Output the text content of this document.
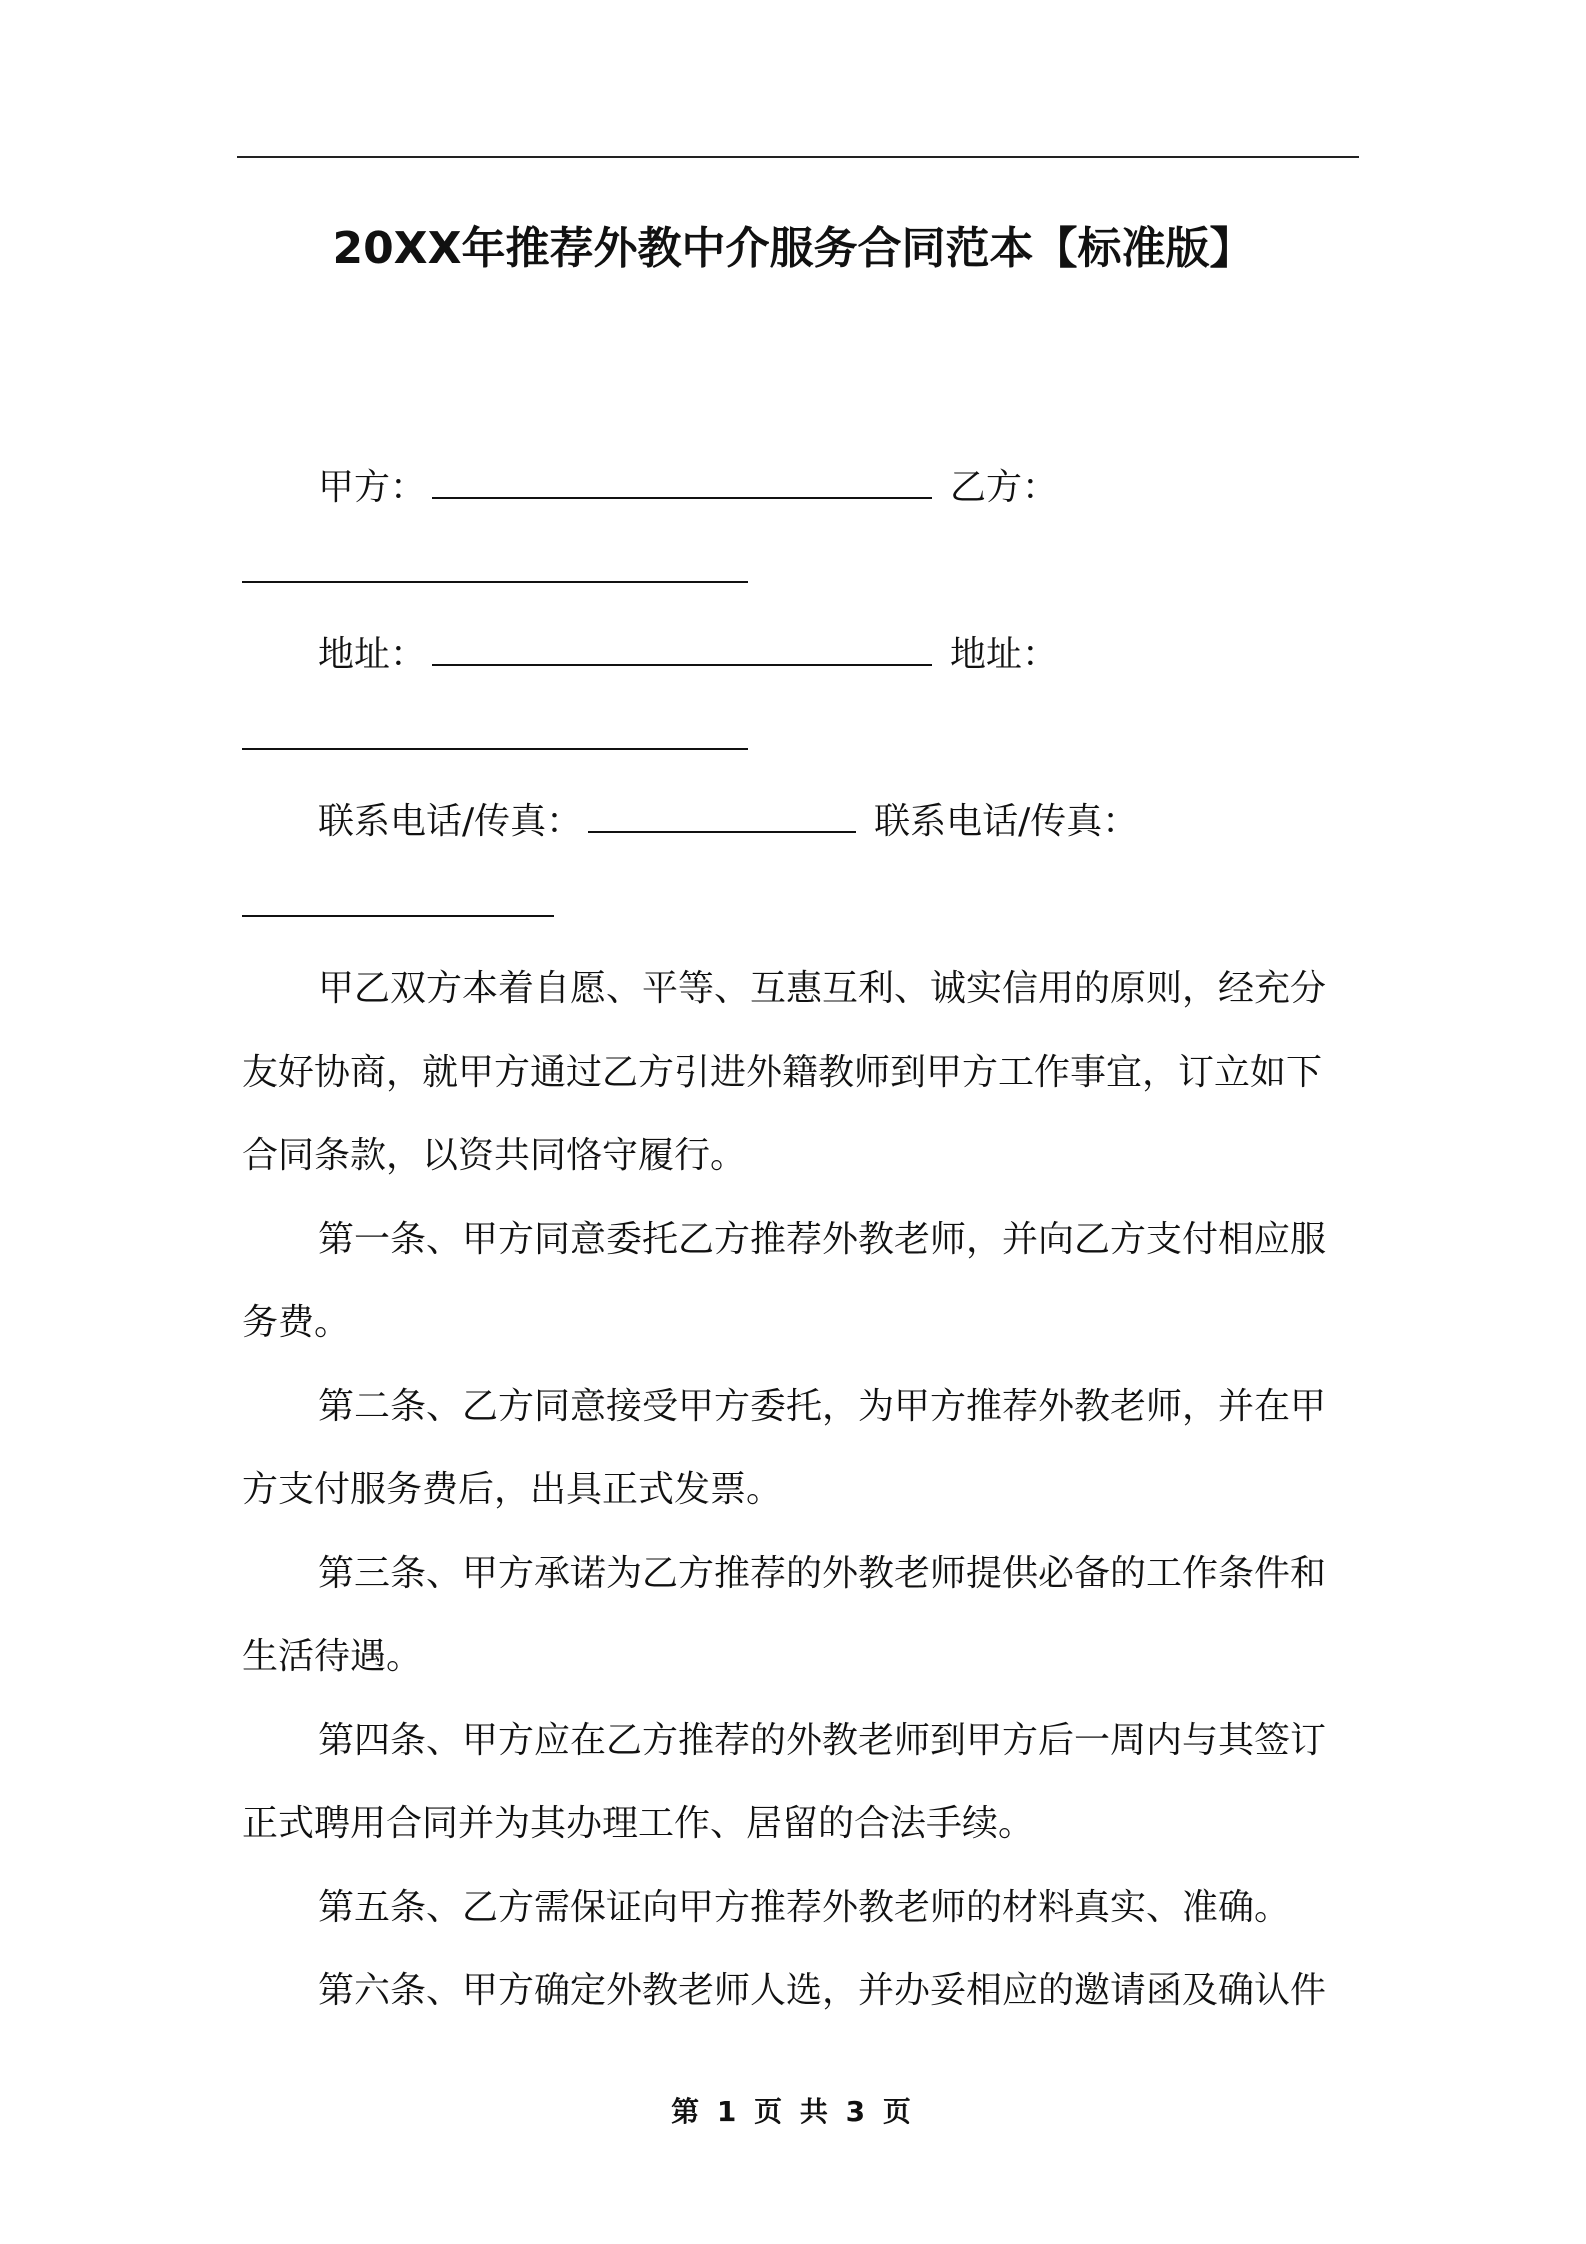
20XX年推荐外教中介服务合同范本【标准版】
甲方：	乙方：
地址：	地址：
联系电话/传真：	联系电话/传真：
甲乙双方本着自愿、平等、互惠互利、诚实信用的原则，经充分
友好协商，就甲方通过乙方引进外籍教师到甲方工作事宜，订立如下
合同条款，以资共同恪守履行。
第一条、甲方同意委托乙方推荐外教老师，并向乙方支付相应服
务费。
第二条、乙方同意接受甲方委托，为甲方推荐外教老师，并在甲
方支付服务费后，出具正式发票。
第三条、甲方承诺为乙方推荐的外教老师提供必备的工作条件和
生活待遇。
第四条、甲方应在乙方推荐的外教老师到甲方后一周内与其签订
正式聘用合同并为其办理工作、居留的合法手续。
第五条、乙方需保证向甲方推荐外教老师的材料真实、准确。
第六条、甲方确定外教老师人选，并办妥相应的邀请函及确认件
第 1 页 共 3 页
